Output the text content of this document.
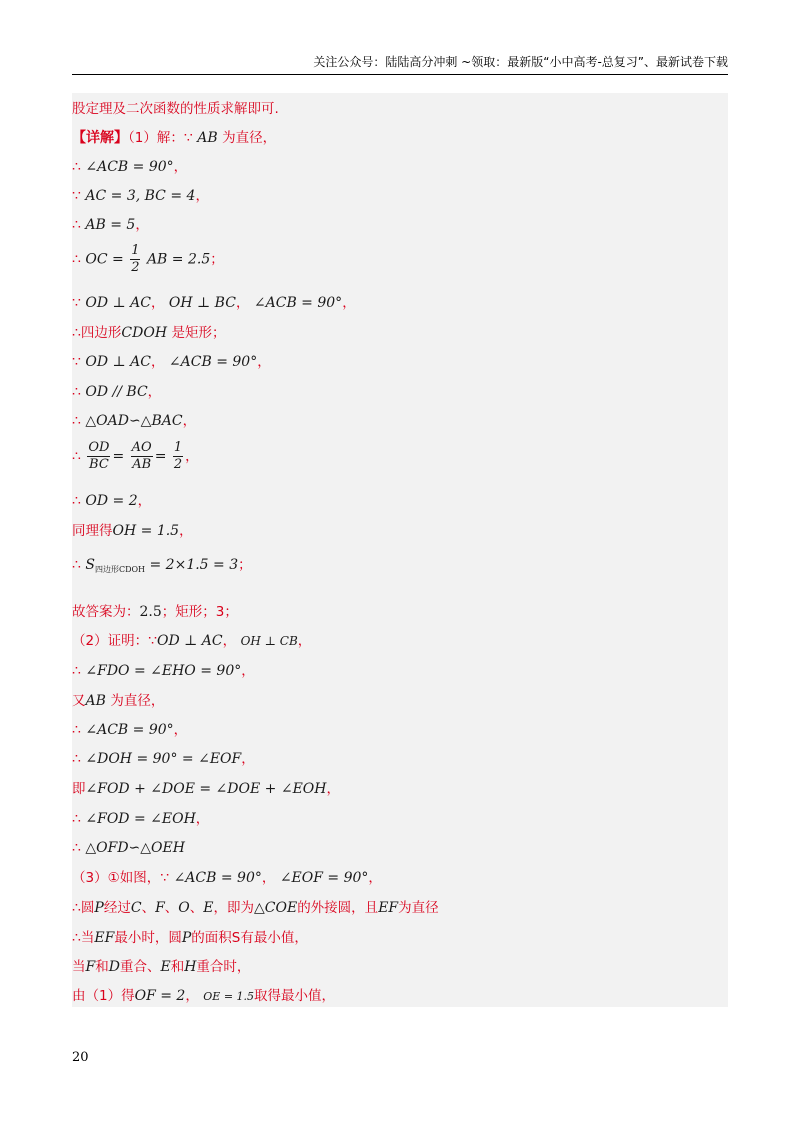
关注公众号：陆陆高分冲刺 ~领取：最新版“小中高考-总复习”、最新试卷下载
股定理及二次函数的性质求解即可.
【详解】（1）解：∵ AB 为直径，
∴ ∠ACB = 90°，
∵ AC = 3, BC = 4，
∴ AB = 5，
∴ OC = $\frac{1}{2}$ AB = 2.5；
∵ OD ⊥ AC， OH ⊥ BC， ∠ACB = 90°，
∴四边形CDOH 是矩形；
∵ OD ⊥ AC， ∠ACB = 90°，
∴ OD // BC，
∴ △OAD∽△BAC，
∴ $\frac{OD}{BC} = \frac{AO}{AB} = \frac{1}{2}$ ，
∴ OD = 2，
同理得OH = 1.5，
∴ $S_{四边形CDOH} = 2\times 1.5 = 3$；
故答案为：2.5；矩形；3；
（2）证明：∵OD ⊥ AC， OH ⊥ CB，
∴ ∠FDO = ∠EHO = 90°，
又AB 为直径，
∴ ∠ACB = 90°，
∴ ∠DOH = 90° = ∠EOF，
即∠FOD + ∠DOE = ∠DOE + ∠EOH，
∴ ∠FOD = ∠EOH，
∴ △OFD∽△OEH
（3）①如图，∵ ∠ACB = 90°， ∠EOF = 90°，
∴圆P经过C、F、O、E，即为△COE的外接圆，且EF为直径
∴当EF最小时，圆P的面积S有最小值，
当F和D重合、E和H重合时，
由（1）得OF = 2， OE = 1.5取得最小值，
20
